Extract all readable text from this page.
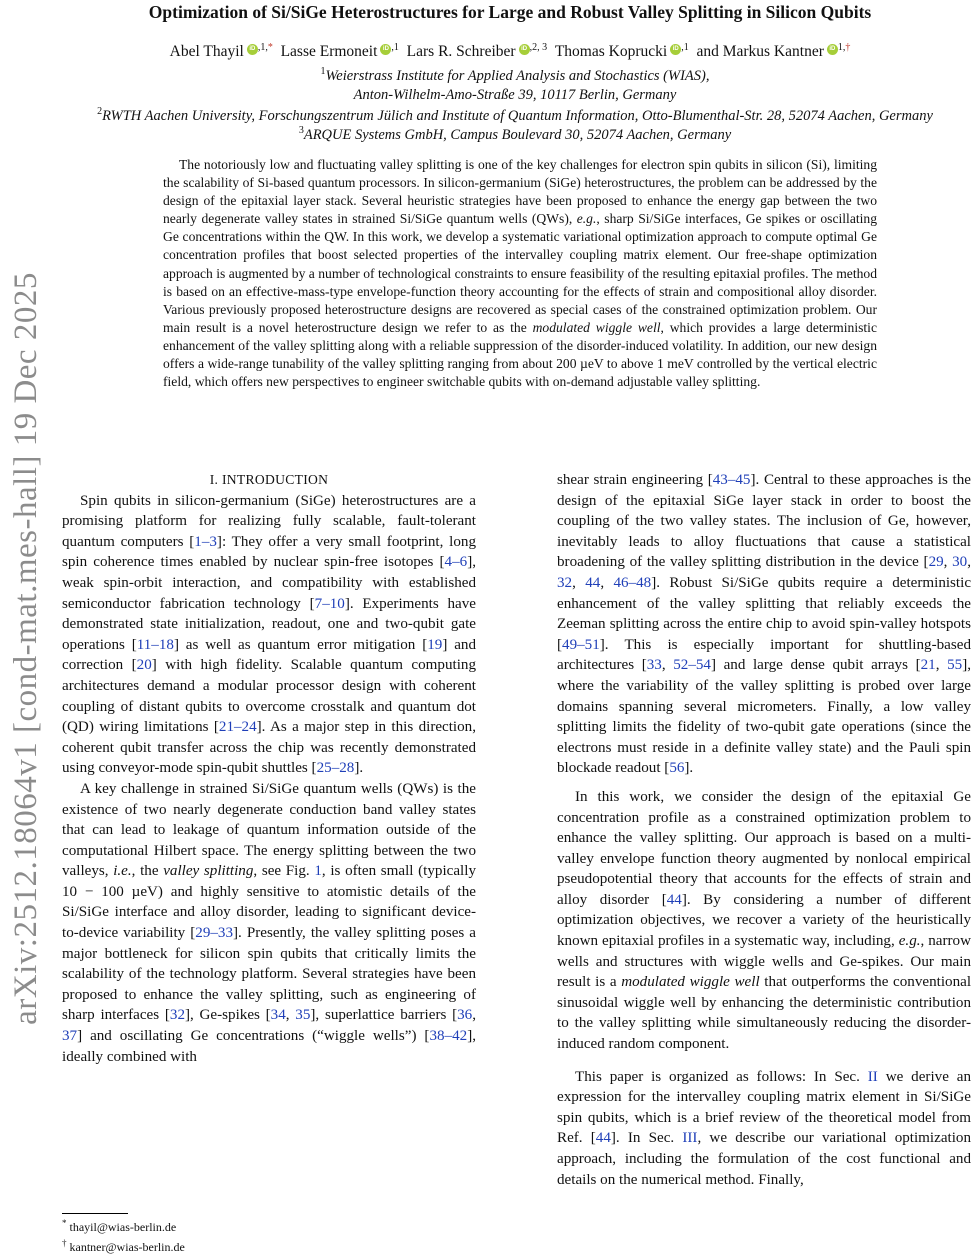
arXiv:2512.18064v1 [cond-mat.mes-hall] 19 Dec 2025
Optimization of Si/SiGe Heterostructures for Large and Robust Valley Splitting in Silicon Qubits
Abel Thayil iD $^{,1,*}$ Lasse Ermoneit iD $^{,1}$ Lars R. Schreiber iD $^{,2, 3}$ Thomas Koprucki iD $^{,1}$ and Markus Kantner iD $^{1,\dagger}$
$^1$Weierstrass Institute for Applied Analysis and Stochastics (WIAS),
Anton-Wilhelm-Amo-Straße 39, 10117 Berlin, Germany
$^2$RWTH Aachen University, Forschungszentrum Jülich and Institute of Quantum Information, Otto-Blumenthal-Str. 28, 52074 Aachen, Germany
$^3$ARQUE Systems GmbH, Campus Boulevard 30, 52074 Aachen, Germany

The notoriously low and fluctuating valley splitting is one of the key challenges for electron spin qubits in silicon (Si), limiting the scalability of Si-based quantum processors. In silicon-germanium (SiGe) heterostructures, the problem can be addressed by the design of the epitaxial layer stack. Several heuristic strategies have been proposed to enhance the energy gap between the two nearly degenerate valley states in strained Si/SiGe quantum wells (QWs), e.g., sharp Si/SiGe interfaces, Ge spikes or oscillating Ge concentrations within the QW. In this work, we develop a systematic variational optimization approach to compute optimal Ge concentration profiles that boost selected properties of the intervalley coupling matrix element. Our free-shape optimization approach is augmented by a number of technological constraints to ensure feasibility of the resulting epitaxial profiles. The method is based on an effective-mass-type envelope-function theory accounting for the effects of strain and compositional alloy disorder. Various previously proposed heterostructure designs are recovered as special cases of the constrained optimization problem. Our main result is a novel heterostructure design we refer to as the modulated wiggle well, which provides a large deterministic enhancement of the valley splitting along with a reliable suppression of the disorder-induced volatility. In addition, our new design offers a wide-range tunability of the valley splitting ranging from about 200 µeV to above 1 meV controlled by the vertical electric field, which offers new perspectives to engineer switchable qubits with on-demand adjustable valley splitting.

I. INTRODUCTION

Spin qubits in silicon-germanium (SiGe) heterostructures are a promising platform for realizing fully scalable, fault-tolerant quantum computers [1–3]: They offer a very small footprint, long spin coherence times enabled by nuclear spin-free isotopes [4–6], weak spin-orbit interaction, and compatibility with established semiconductor fabrication technology [7–10]. Experiments have demonstrated state initialization, readout, one and two-qubit gate operations [11–18] as well as quantum error mitigation [19] and correction [20] with high fidelity. Scalable quantum computing architectures demand a modular processor design with coherent coupling of distant qubits to overcome crosstalk and quantum dot (QD) wiring limitations [21–24]. As a major step in this direction, coherent qubit transfer across the chip was recently demonstrated using conveyor-mode spin-qubit shuttles [25–28].

A key challenge in strained Si/SiGe quantum wells (QWs) is the existence of two nearly degenerate conduction band valley states that can lead to leakage of quantum information outside of the computational Hilbert space. The energy splitting between the two valleys, i.e., the valley splitting, see Fig. 1, is often small (typically 10 − 100 µeV) and highly sensitive to atomistic details of the Si/SiGe interface and alloy disorder, leading to significant device-to-device variability [29–33]. Presently, the valley splitting poses a major bottleneck for silicon spin qubits that critically limits the scalability of the technology platform. Several strategies have been proposed to enhance the valley splitting, such as engineering of sharp interfaces [32], Ge-spikes [34, 35], superlattice barriers [36, 37] and oscillating Ge concentrations (“wiggle wells”) [38–42], ideally combined with

shear strain engineering [43–45]. Central to these approaches is the design of the epitaxial SiGe layer stack in order to boost the coupling of the two valley states. The inclusion of Ge, however, inevitably leads to alloy fluctuations that cause a statistical broadening of the valley splitting distribution in the device [29, 30, 32, 44, 46–48]. Robust Si/SiGe qubits require a deterministic enhancement of the valley splitting that reliably exceeds the Zeeman splitting across the entire chip to avoid spin-valley hotspots [49–51]. This is especially important for shuttling-based architectures [33, 52–54] and large dense qubit arrays [21, 55], where the variability of the valley splitting is probed over large domains spanning several micrometers. Finally, a low valley splitting limits the fidelity of two-qubit gate operations (since the electrons must reside in a definite valley state) and the Pauli spin blockade readout [56].

In this work, we consider the design of the epitaxial Ge concentration profile as a constrained optimization problem to enhance the valley splitting. Our approach is based on a multi-valley envelope function theory augmented by nonlocal empirical pseudopotential theory that accounts for the effects of strain and alloy disorder [44]. By considering a number of different optimization objectives, we recover a variety of the heuristically known epitaxial profiles in a systematic way, including, e.g., narrow wells and structures with wiggle wells and Ge-spikes. Our main result is a modulated wiggle well that outperforms the conventional sinusoidal wiggle well by enhancing the deterministic contribution to the valley splitting while simultaneously reducing the disorder-induced random component.

This paper is organized as follows: In Sec. II we derive an expression for the intervalley coupling matrix element in Si/SiGe spin qubits, which is a brief review of the theoretical model from Ref. [44]. In Sec. III, we describe our variational optimization approach, including the formulation of the cost functional and details on the numerical method. Finally,

* thayil@wias-berlin.de
† kantner@wias-berlin.de
